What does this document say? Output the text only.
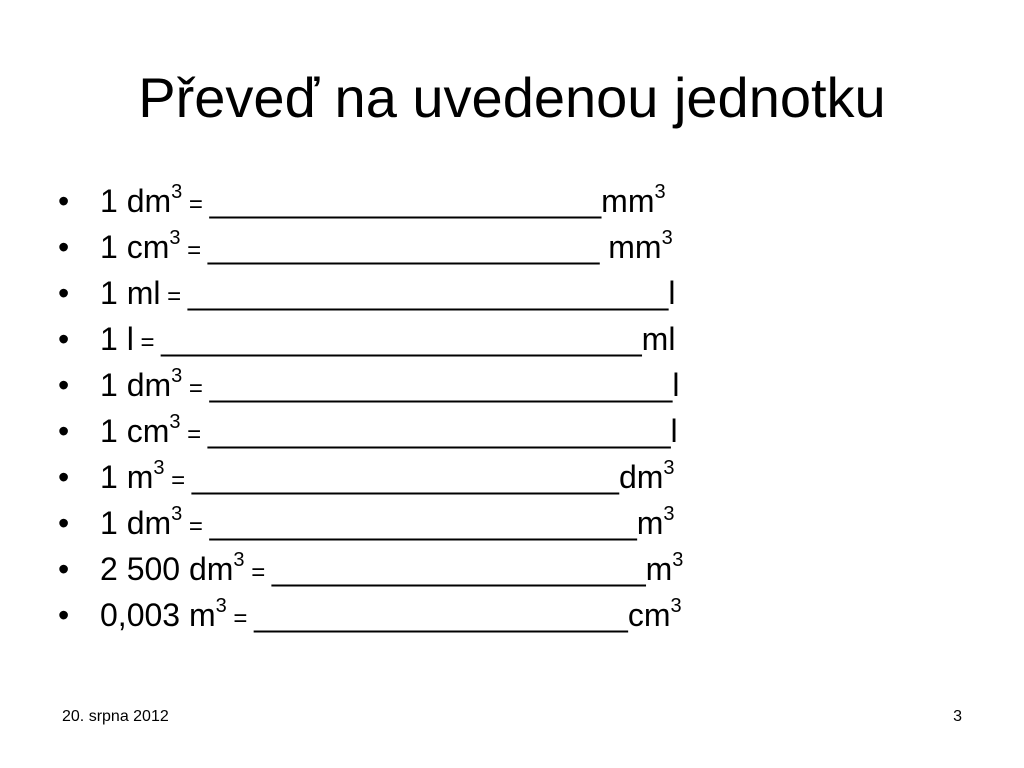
Převeď na uvedenou jednotku
• 1 $dm^3$ = $\_\_\_\_\_\_\_\_\_\_\_\_\_\_\_\_\_\_\_\_\_\_mm^3$
• 1 $cm^3$ = ______________________ $mm^3$
• 1 ml = ___________________________l
• 1 l = ___________________________ml
• 1 $dm^3$ = __________________________l
• 1 $cm^3$ = __________________________l
• 1 $m^3$ = $\_\_\_\_\_\_\_\_\_\_\_\_\_\_\_\_\_\_\_\_\_\_\_\_dm^3$
• 1 $dm^3$ = $\_\_\_\_\_\_\_\_\_\_\_\_\_\_\_\_\_\_\_\_\_\_\_\_m^3$
• 2 500 $dm^3$ = $\_\_\_\_\_\_\_\_\_\_\_\_\_\_\_\_\_\_\_\_\_m^3$
• 0,003 $m^3$ = $\_\_\_\_\_\_\_\_\_\_\_\_\_\_\_\_\_\_\_\_\_cm^3$
20. srpna 2012	3
